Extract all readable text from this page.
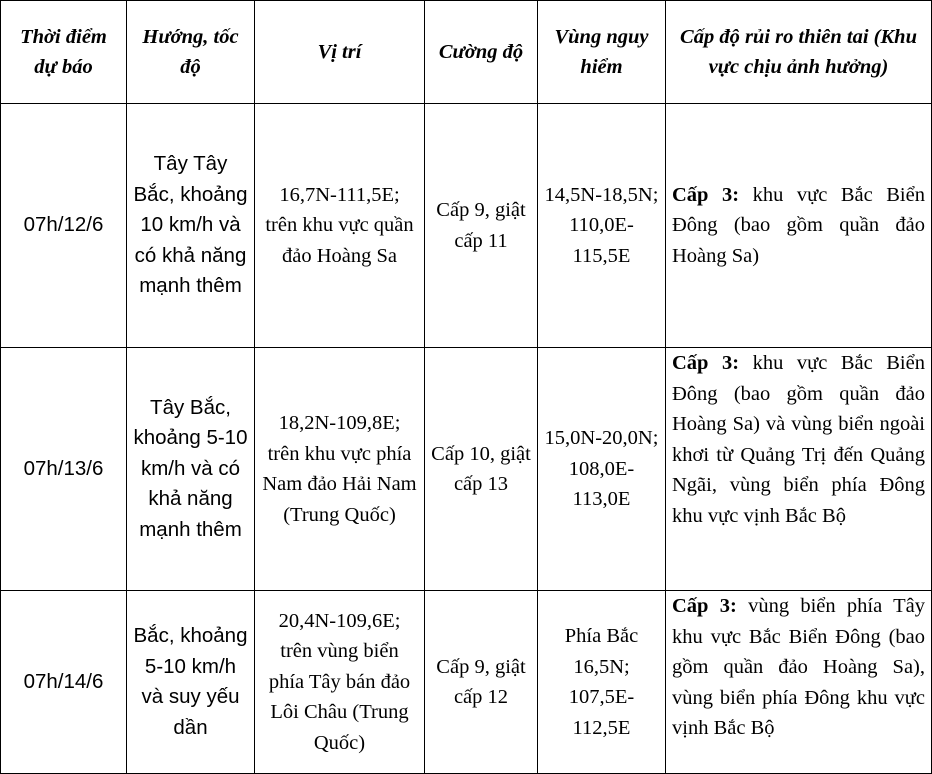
Thời điểm dự báo	Hướng, tốc độ	Vị trí	Cường độ	Vùng nguy hiểm	Cấp độ rủi ro thiên tai (Khu vực chịu ảnh hưởng)
07h/12/6	Tây Tây Bắc, khoảng 10 km/h và có khả năng mạnh thêm	16,7N-111,5E; trên khu vực quần đảo Hoàng Sa	Cấp 9, giật cấp 11	14,5N-18,5N; 110,0E-115,5E	Cấp 3: khu vực Bắc Biển Đông (bao gồm quần đảo Hoàng Sa)
07h/13/6	Tây Bắc, khoảng 5-10 km/h và có khả năng mạnh thêm	18,2N-109,8E; trên khu vực phía Nam đảo Hải Nam (Trung Quốc)	Cấp 10, giật cấp 13	15,0N-20,0N; 108,0E-113,0E	Cấp 3: khu vực Bắc Biển Đông (bao gồm quần đảo Hoàng Sa) và vùng biển ngoài khơi từ Quảng Trị đến Quảng Ngãi, vùng biển phía Đông khu vực vịnh Bắc Bộ
07h/14/6	Bắc, khoảng 5-10 km/h và suy yếu dần	20,4N-109,6E; trên vùng biển phía Tây bán đảo Lôi Châu (Trung Quốc)	Cấp 9, giật cấp 12	Phía Bắc 16,5N; 107,5E-112,5E	Cấp 3: vùng biển phía Tây khu vực Bắc Biển Đông (bao gồm quần đảo Hoàng Sa), vùng biển phía Đông khu vực vịnh Bắc Bộ
